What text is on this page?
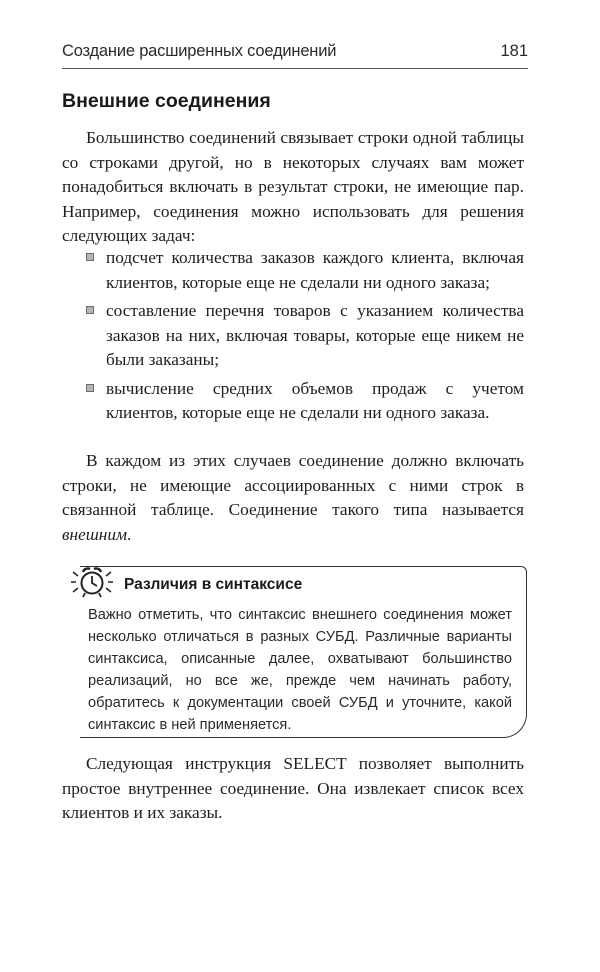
Создание расширенных соединений	181
Внешние соединения

Большинство соединений связывает строки одной таблицы со строками другой, но в некоторых случаях вам может понадобиться включать в результат строки, не имеющие пар. Например, соединения можно использовать для решения следующих задач:

подсчет количества заказов каждого клиента, включая клиентов, которые еще не сделали ни одного заказа;
составление перечня товаров с указанием количества заказов на них, включая товары, которые еще никем не были заказаны;
вычисление средних объемов продаж с учетом клиентов, которые еще не сделали ни одного заказа.

В каждом из этих случаев соединение должно включать строки, не имеющие ассоциированных с ними строк в связанной таблице. Соединение такого типа называется внешним.

Различия в синтаксисе
Важно отметить, что синтаксис внешнего соединения может несколько отличаться в разных СУБД. Различные варианты синтаксиса, описанные далее, охватывают большинство реализаций, но все же, прежде чем начинать работу, обратитесь к документации своей СУБД и уточните, какой синтаксис в ней применяется.

Следующая инструкция SELECT позволяет выполнить простое внутреннее соединение. Она извлекает список всех клиентов и их заказы.
